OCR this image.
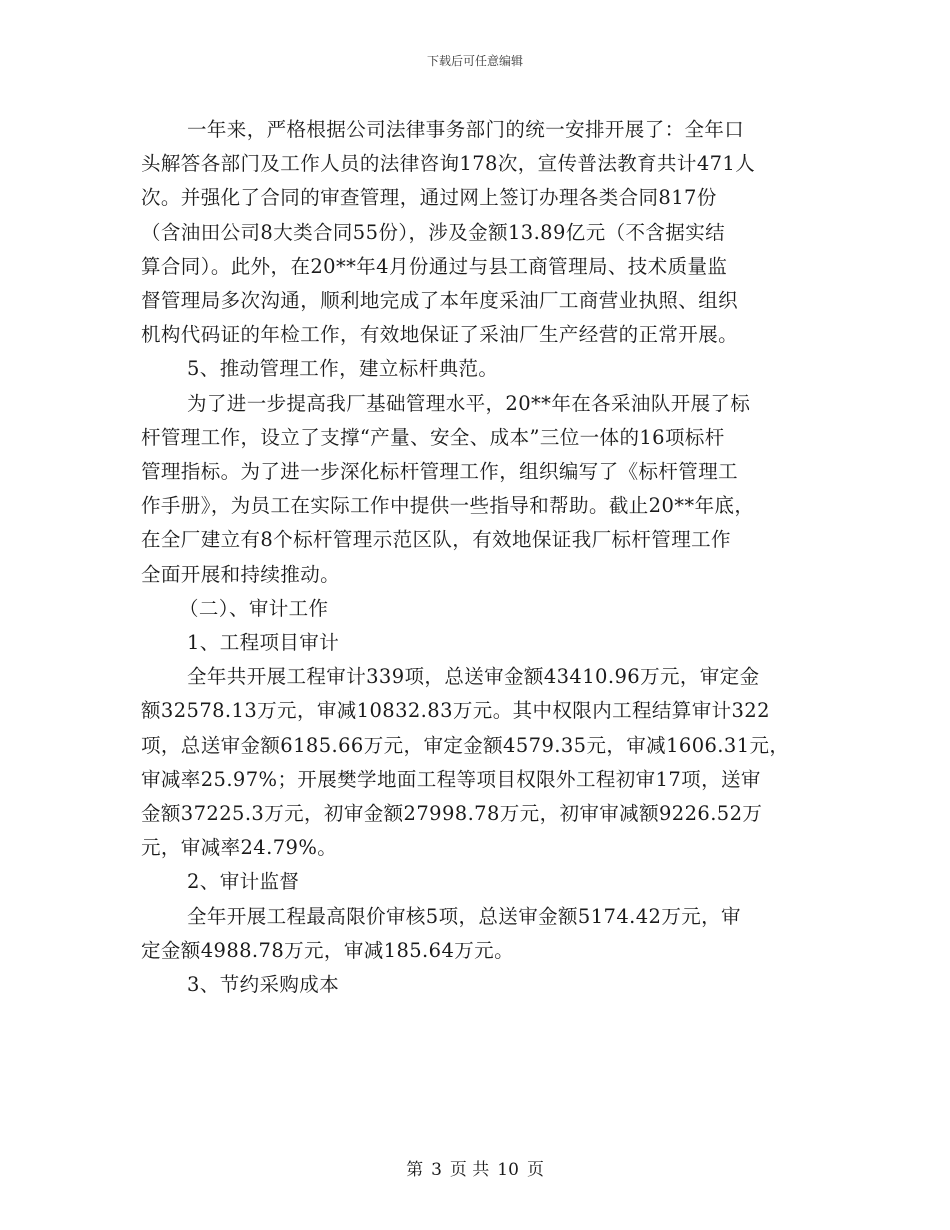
下载后可任意编辑

一年来，严格根据公司法律事务部门的统一安排开展了：全年口

头解答各部门及工作人员的法律咨询178次，宣传普法教育共计471人

次。并强化了合同的审查管理，通过网上签订办理各类合同817份

（含油田公司8大类合同55份），涉及金额13.89亿元（不含据实结

算合同）。此外，在20**年4月份通过与县工商管理局、技术质量监

督管理局多次沟通，顺利地完成了本年度采油厂工商营业执照、组织

机构代码证的年检工作，有效地保证了采油厂生产经营的正常开展。

5、推动管理工作，建立标杆典范。

为了进一步提高我厂基础管理水平，20**年在各采油队开展了标

杆管理工作，设立了支撑“产量、安全、成本”三位一体的16项标杆

管理指标。为了进一步深化标杆管理工作，组织编写了《标杆管理工

作手册》，为员工在实际工作中提供一些指导和帮助。截止20**年底，

在全厂建立有8个标杆管理示范区队，有效地保证我厂标杆管理工作

全面开展和持续推动。

（二）、审计工作

1、工程项目审计

全年共开展工程审计339项，总送审金额43410.96万元，审定金

额32578.13万元，审减10832.83万元。其中权限内工程结算审计322

项，总送审金额6185.66万元，审定金额4579.35元，审减1606.31元，

审减率25.97%；开展樊学地面工程等项目权限外工程初审17项，送审

金额37225.3万元，初审金额27998.78万元，初审审减额9226.52万

元，审减率24.79%。

2、审计监督

全年开展工程最高限价审核5项，总送审金额5174.42万元，审

定金额4988.78万元，审减185.64万元。

3、节约采购成本

第 3 页 共 10 页
